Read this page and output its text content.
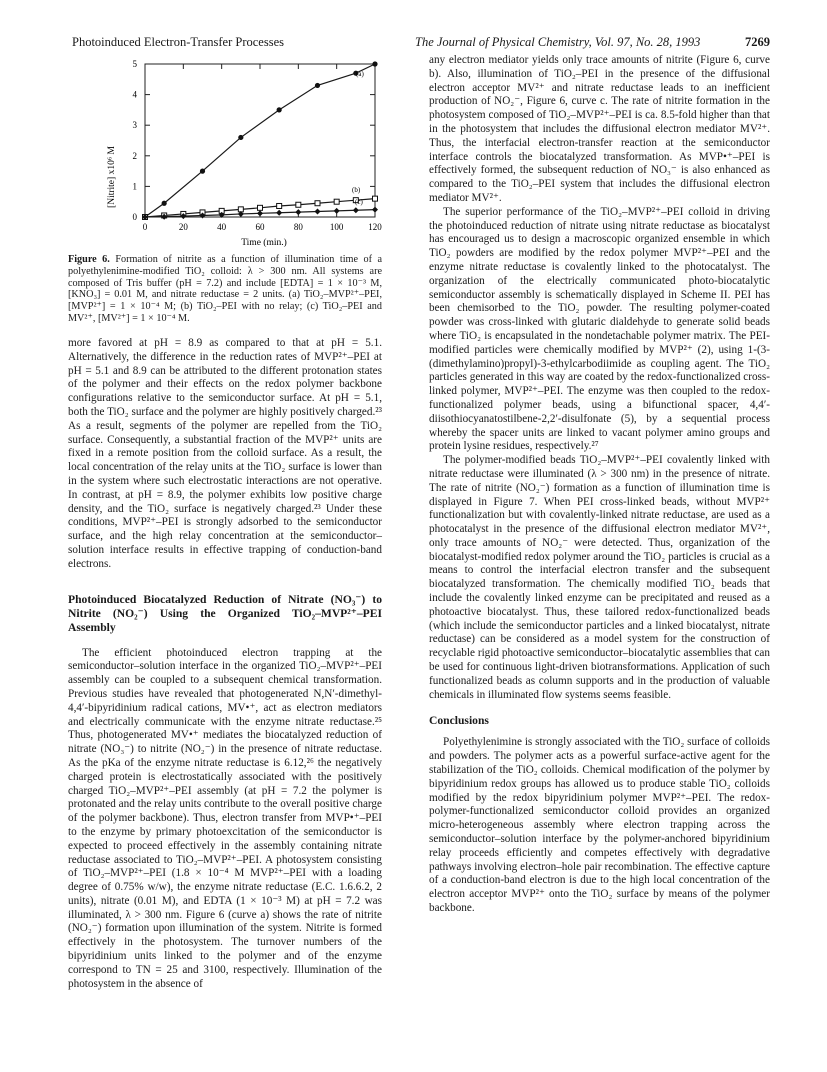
Photoinduced Electron-Transfer Processes	The Journal of Physical Chemistry, Vol. 97, No. 28, 1993	7269
0	20	40	60	80	100	120
0
1
2
3
4
5
(a)
(b)
(c)
[Nitrite] x10⁶ M
Time (min.)
Figure 6. Formation of nitrite as a function of illumination time of a polyethylenimine-modified TiO₂ colloid: λ > 300 nm. All systems are composed of Tris buffer (pH = 7.2) and include [EDTA] = 1 × 10⁻³ M, [KNO₃] = 0.01 M, and nitrate reductase = 2 units. (a) TiO₂–MVP²⁺–PEI, [MVP²⁺] = 1 × 10⁻⁴ M; (b) TiO₂–PEI with no relay; (c) TiO₂–PEI and MV²⁺, [MV²⁺] = 1 × 10⁻⁴ M.

more favored at pH = 8.9 as compared to that at pH = 5.1. Alternatively, the difference in the reduction rates of MVP²⁺–PEI at pH = 5.1 and 8.9 can be attributed to the different protonation states of the polymer and their effects on the redox polymer backbone configurations relative to the semiconductor surface. At pH = 5.1, both the TiO₂ surface and the polymer are highly positively charged.²³ As a result, segments of the polymer are repelled from the TiO₂ surface. Consequently, a substantial fraction of the MVP²⁺ units are fixed in a remote position from the colloid surface. As a result, the local concentration of the relay units at the TiO₂ surface is lower than in the system where such electrostatic interactions are not operative. In contrast, at pH = 8.9, the polymer exhibits low positive charge density, and the TiO₂ surface is negatively charged.²³ Under these conditions, MVP²⁺–PEI is strongly adsorbed to the semiconductor surface, and the high relay concentration at the semiconductor–solution interface results in effective trapping of conduction-band electrons.

Photoinduced Biocatalyzed Reduction of Nitrate (NO₃⁻) to Nitrite (NO₂⁻) Using the Organized TiO₂–MVP²⁺–PEI Assembly

The efficient photoinduced electron trapping at the semiconductor–solution interface in the organized TiO₂–MVP²⁺–PEI assembly can be coupled to a subsequent chemical transformation. Previous studies have revealed that photogenerated N,N′-dimethyl-4,4′-bipyridinium radical cations, MV•⁺, act as electron mediators and electrically communicate with the enzyme nitrate reductase.²⁵ Thus, photogenerated MV•⁺ mediates the biocatalyzed reduction of nitrate (NO₃⁻) to nitrite (NO₂⁻) in the presence of nitrate reductase. As the pKa of the enzyme nitrate reductase is 6.12,²⁶ the negatively charged protein is electrostatically associated with the positively charged TiO₂–MVP²⁺–PEI assembly (at pH = 7.2 the polymer is protonated and the relay units contribute to the overall positive charge of the polymer backbone). Thus, electron transfer from MVP•⁺–PEI to the enzyme by primary photoexcitation of the semiconductor is expected to proceed effectively in the assembly containing nitrate reductase associated to TiO₂–MVP²⁺–PEI. A photosystem consisting of TiO₂–MVP²⁺–PEI (1.8 × 10⁻⁴ M MVP²⁺–PEI with a loading degree of 0.75% w/w), the enzyme nitrate reductase (E.C. 1.6.6.2, 2 units), nitrate (0.01 M), and EDTA (1 × 10⁻³ M) at pH = 7.2 was illuminated, λ > 300 nm. Figure 6 (curve a) shows the rate of nitrite (NO₂⁻) formation upon illumination of the system. Nitrite is formed effectively in the photosystem. The turnover numbers of the bipyridinium units linked to the polymer and of the enzyme correspond to TN = 25 and 3100, respectively. Illumination of the photosystem in the absence of

any electron mediator yields only trace amounts of nitrite (Figure 6, curve b). Also, illumination of TiO₂–PEI in the presence of the diffusional electron acceptor MV²⁺ and nitrate reductase leads to an inefficient production of NO₂⁻, Figure 6, curve c. The rate of nitrite formation in the photosystem composed of TiO₂–MVP²⁺–PEI is ca. 8.5-fold higher than that in the photosystem that includes the diffusional electron mediator MV²⁺. Thus, the interfacial electron-transfer reaction at the semiconductor interface controls the biocatalyzed transformation. As MVP•⁺–PEI is effectively formed, the subsequent reduction of NO₃⁻ is also enhanced as compared to the TiO₂–PEI system that includes the diffusional electron mediator MV²⁺.

The superior performance of the TiO₂–MVP²⁺–PEI colloid in driving the photoinduced reduction of nitrate using nitrate reductase as biocatalyst has encouraged us to design a macroscopic organized ensemble in which TiO₂ powders are modified by the redox polymer MVP²⁺–PEI and the enzyme nitrate reductase is covalently linked to the photocatalyst. The organization of the electrically communicated photo-biocatalytic semiconductor assembly is schematically displayed in Scheme II. PEI has been chemisorbed to the TiO₂ powder. The resulting polymer-coated powder was cross-linked with glutaric dialdehyde to generate solid beads where TiO₂ is encapsulated in the nondetachable polymer matrix. The PEI-modified particles were chemically modified by MVP²⁺ (2), using 1-(3-(dimethylamino)propyl)-3-ethylcarbodiimide as coupling agent. The TiO₂ particles generated in this way are coated by the redox-functionalized cross-linked polymer, MVP²⁺–PEI. The enzyme was then coupled to the redox-functionalized polymer beads, using a bifunctional spacer, 4,4′-diisothiocyanatostilbene-2,2′-disulfonate (5), by a sequential process whereby the spacer units are linked to vacant polymer amino groups and protein lysine residues, respectively.²⁷

The polymer-modified beads TiO₂–MVP²⁺–PEI covalently linked with nitrate reductase were illuminated (λ > 300 nm) in the presence of nitrate. The rate of nitrite (NO₂⁻) formation as a function of illumination time is displayed in Figure 7. When PEI cross-linked beads, without MVP²⁺ functionalization but with covalently-linked nitrate reductase, are used as a photocatalyst in the presence of the diffusional electron mediator MV²⁺, only trace amounts of NO₂⁻ were detected. Thus, organization of the biocatalyst-modified redox polymer around the TiO₂ particles is crucial as a means to control the interfacial electron transfer and the subsequent biocatalyzed transformation. The chemically modified TiO₂ beads that include the covalently linked enzyme can be precipitated and reused as a photoactive biocatalyst. Thus, these tailored redox-functionalized beads (which include the semiconductor particles and a linked biocatalyst, nitrate reductase) can be considered as a model system for the construction of recyclable rigid photoactive semiconductor–biocatalytic assemblies that can be used for continuous light-driven biotransformations. Application of such functionalized beads as column supports and in the production of valuable chemicals in illuminated flow systems seems feasible.

Conclusions

Polyethylenimine is strongly associated with the TiO₂ surface of colloids and powders. The polymer acts as a powerful surface-active agent for the stabilization of the TiO₂ colloids. Chemical modification of the polymer by bipyridinium redox groups has allowed us to produce stable TiO₂ colloids modified by the redox bipyridinium polymer MVP²⁺–PEI. The redox-polymer-functionalized semiconductor colloid provides an organized micro-heterogeneous assembly where electron trapping across the semiconductor–solution interface by the polymer-anchored bipyridinium relay proceeds efficiently and competes effectively with degradative pathways involving electron–hole pair recombination. The effective capture of a conduction-band electron is due to the high local concentration of the electron acceptor MVP²⁺ onto the TiO₂ surface by means of the polymer backbone.
